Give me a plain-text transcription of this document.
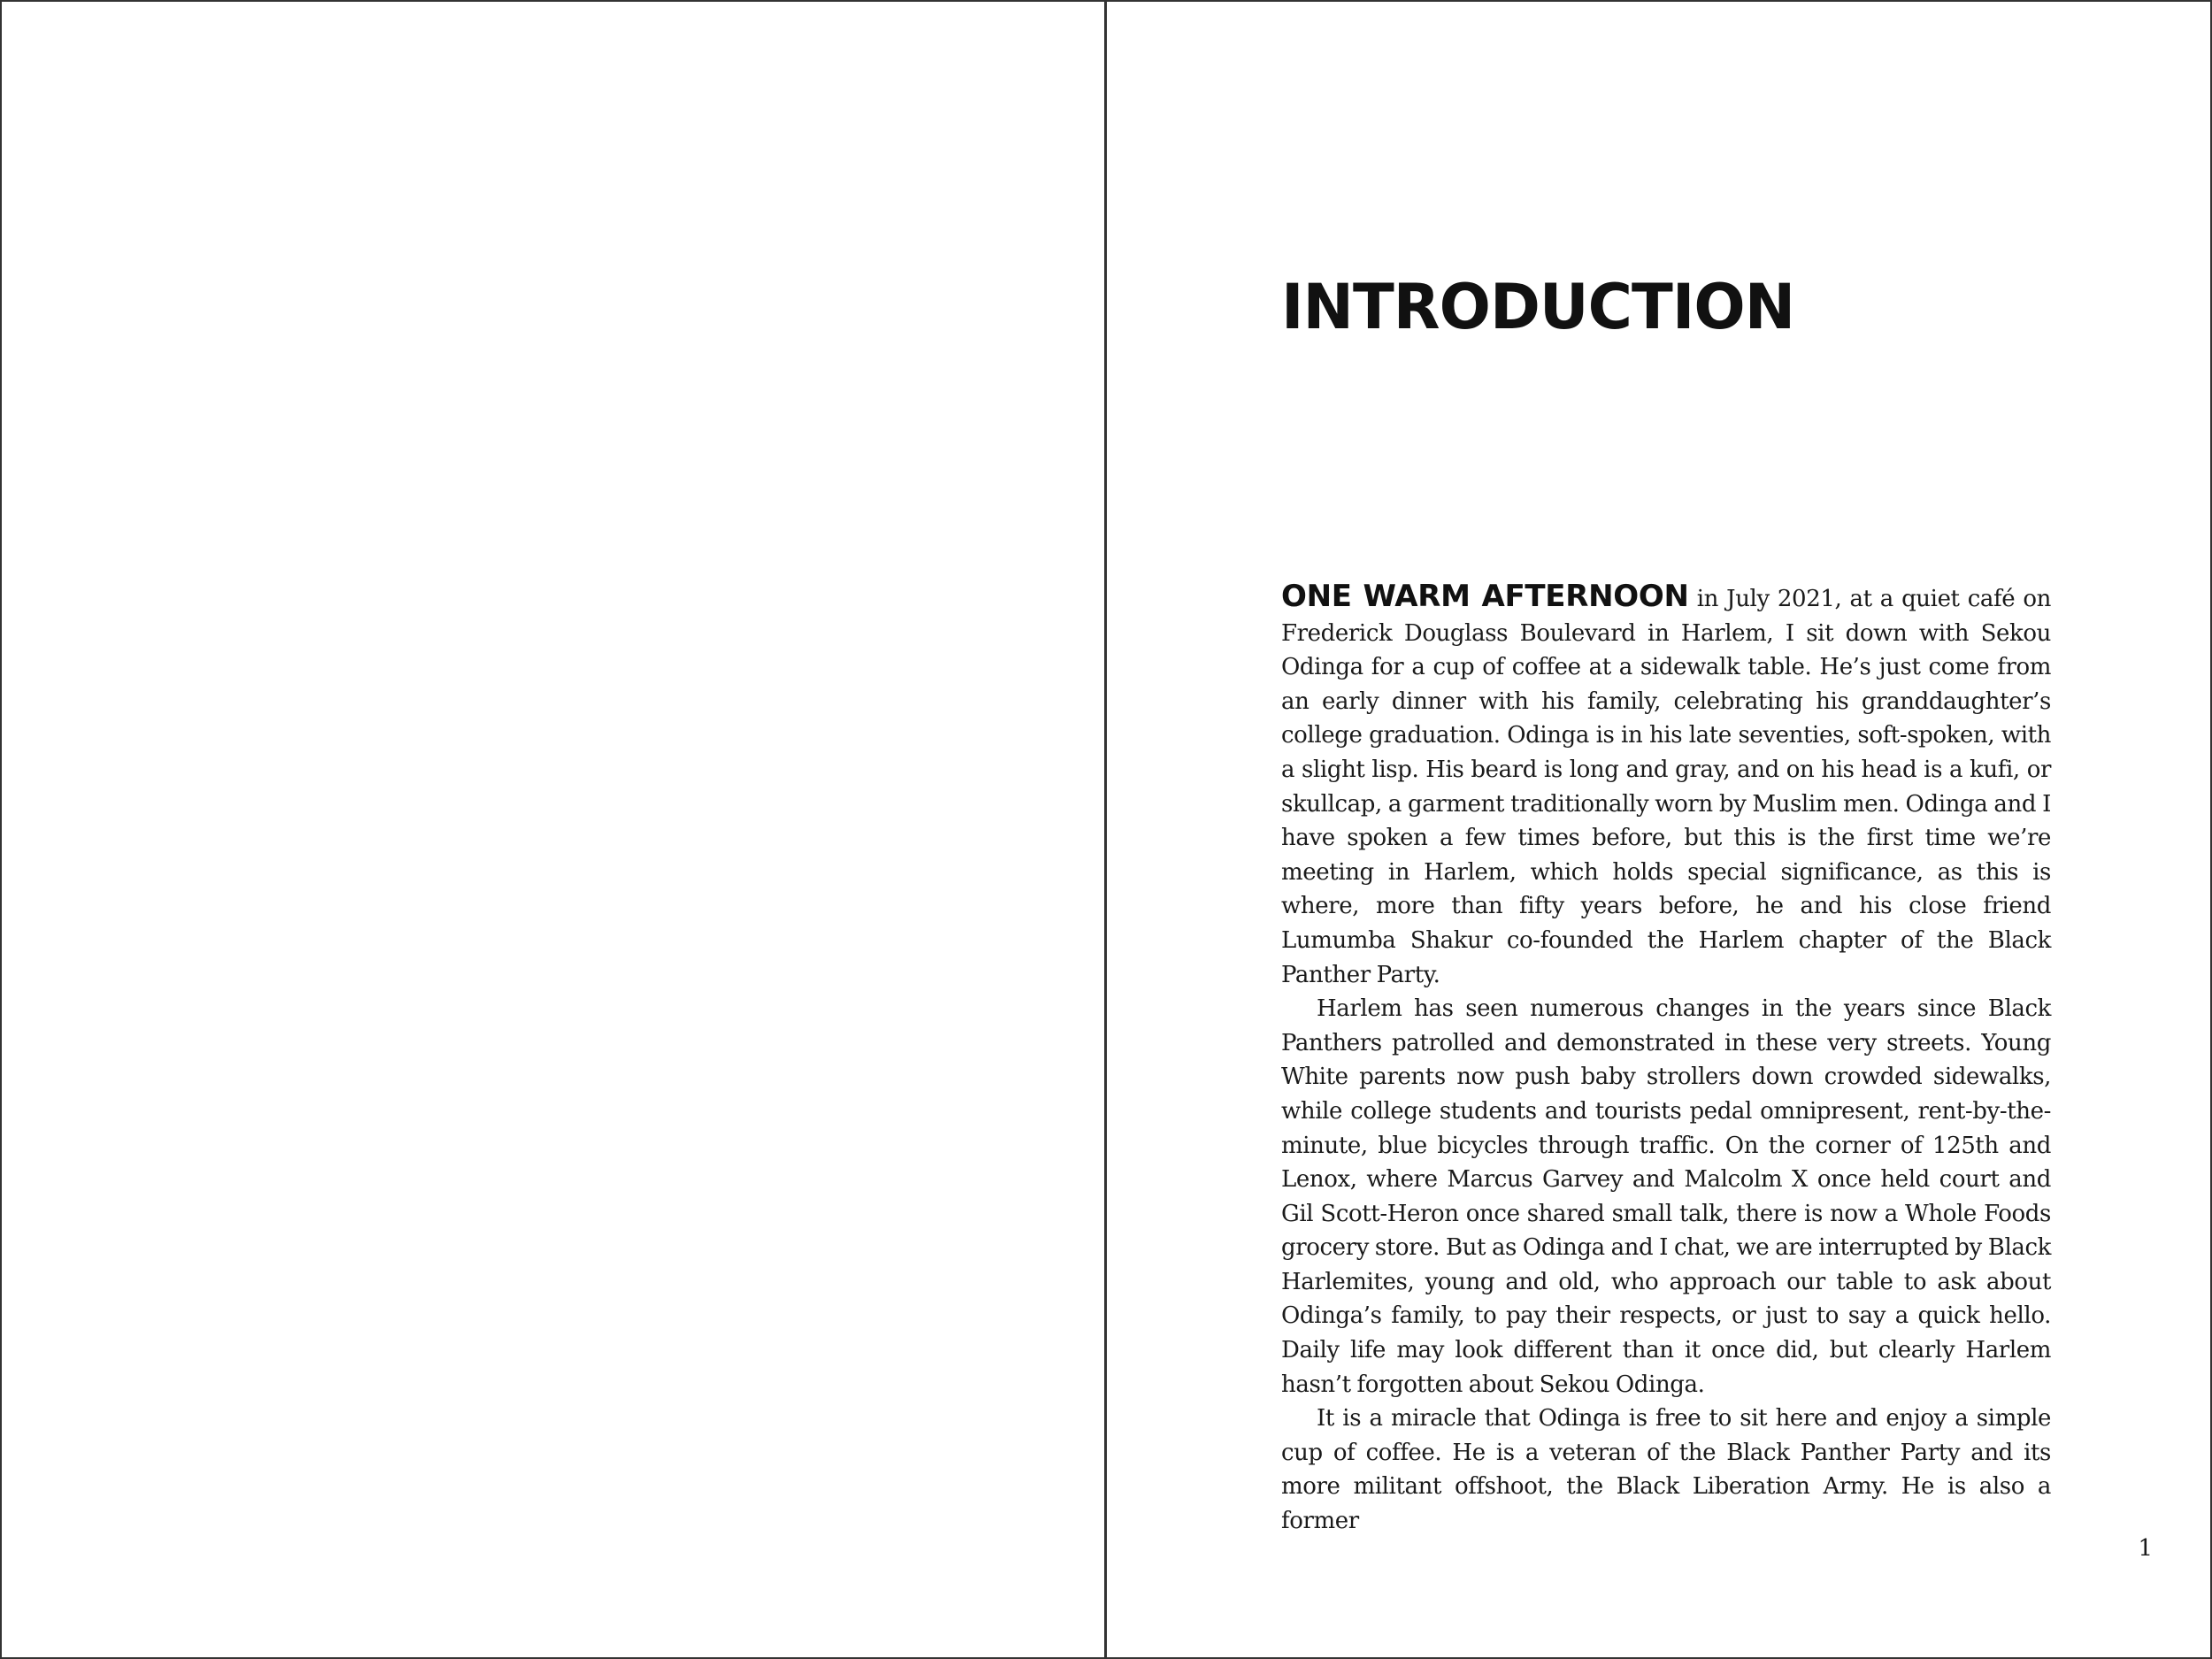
INTRODUCTION

ONE WARM AFTERNOON in July 2021, at a quiet café on Frederick Douglass Boulevard in Harlem, I sit down with Sekou Odinga for a cup of coffee at a sidewalk table. He’s just come from an early dinner with his family, celebrating his granddaughter’s college graduation. Odinga is in his late seventies, soft-spoken, with a slight lisp. His beard is long and gray, and on his head is a kufi, or skullcap, a garment traditionally worn by Muslim men. Odinga and I have spoken a few times before, but this is the first time we’re meeting in Harlem, which holds special significance, as this is where, more than fifty years before, he and his close friend Lumumba Shakur co-founded the Harlem chapter of the Black Panther Party.

Harlem has seen numerous changes in the years since Black Panthers patrolled and demonstrated in these very streets. Young White parents now push baby strollers down crowded sidewalks, while college students and tourists pedal omnipresent, rent-by-the-minute, blue bicycles through traffic. On the corner of 125th and Lenox, where Marcus Garvey and Malcolm X once held court and Gil Scott-Heron once shared small talk, there is now a Whole Foods grocery store. But as Odinga and I chat, we are interrupted by Black Harlemites, young and old, who approach our table to ask about Odinga’s family, to pay their respects, or just to say a quick hello. Daily life may look different than it once did, but clearly Harlem hasn’t forgotten about Sekou Odinga.

It is a miracle that Odinga is free to sit here and enjoy a simple cup of coffee. He is a veteran of the Black Panther Party and its more militant offshoot, the Black Liberation Army. He is also a former

1
